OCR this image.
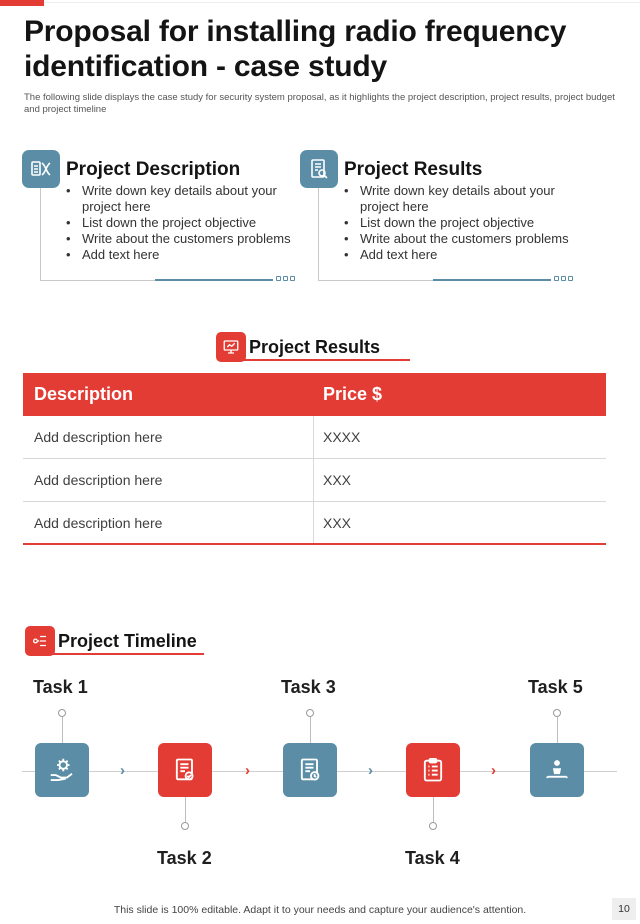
Proposal for installing radio frequency identification - case study

The following slide displays the case study for security system proposal, as it highlights the project description, project results, project budget and project timeline

Project Description
• Write down key details about your project here
• List down the project objective
• Write about the customers problems
• Add text here
Project Results
• Write down key details about your project here
• List down the project objective
• Write about the customers problems
• Add text here
Project Results
Description	Price $
Add description here	XXXX
Add description here	XXX
Add description here	XXX
Project Timeline
Task 1
Task 2
Task 3
Task 4
Task 5
›	›	›	›
This slide is 100% editable. Adapt it to your needs and capture your audience's attention.	10
